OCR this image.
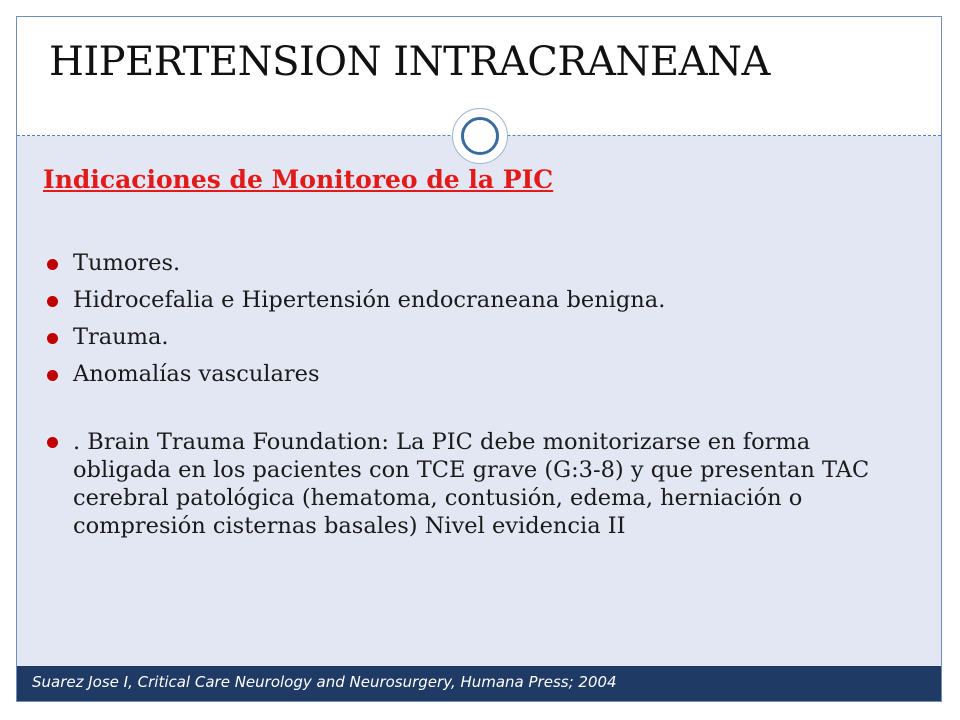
HIPERTENSION INTRACRANEANA
Indicaciones de Monitoreo de la PIC
Tumores.
Hidrocefalia e Hipertensión endocraneana benigna.
Trauma.
Anomalías vasculares
. Brain Trauma Foundation: La PIC debe monitorizarse en forma obligada en los pacientes con TCE grave (G:3-8) y que presentan TAC cerebral patológica (hematoma, contusión, edema, herniación o compresión cisternas basales) Nivel evidencia II

Suarez Jose I, Critical Care Neurology and Neurosurgery, Humana Press; 2004
